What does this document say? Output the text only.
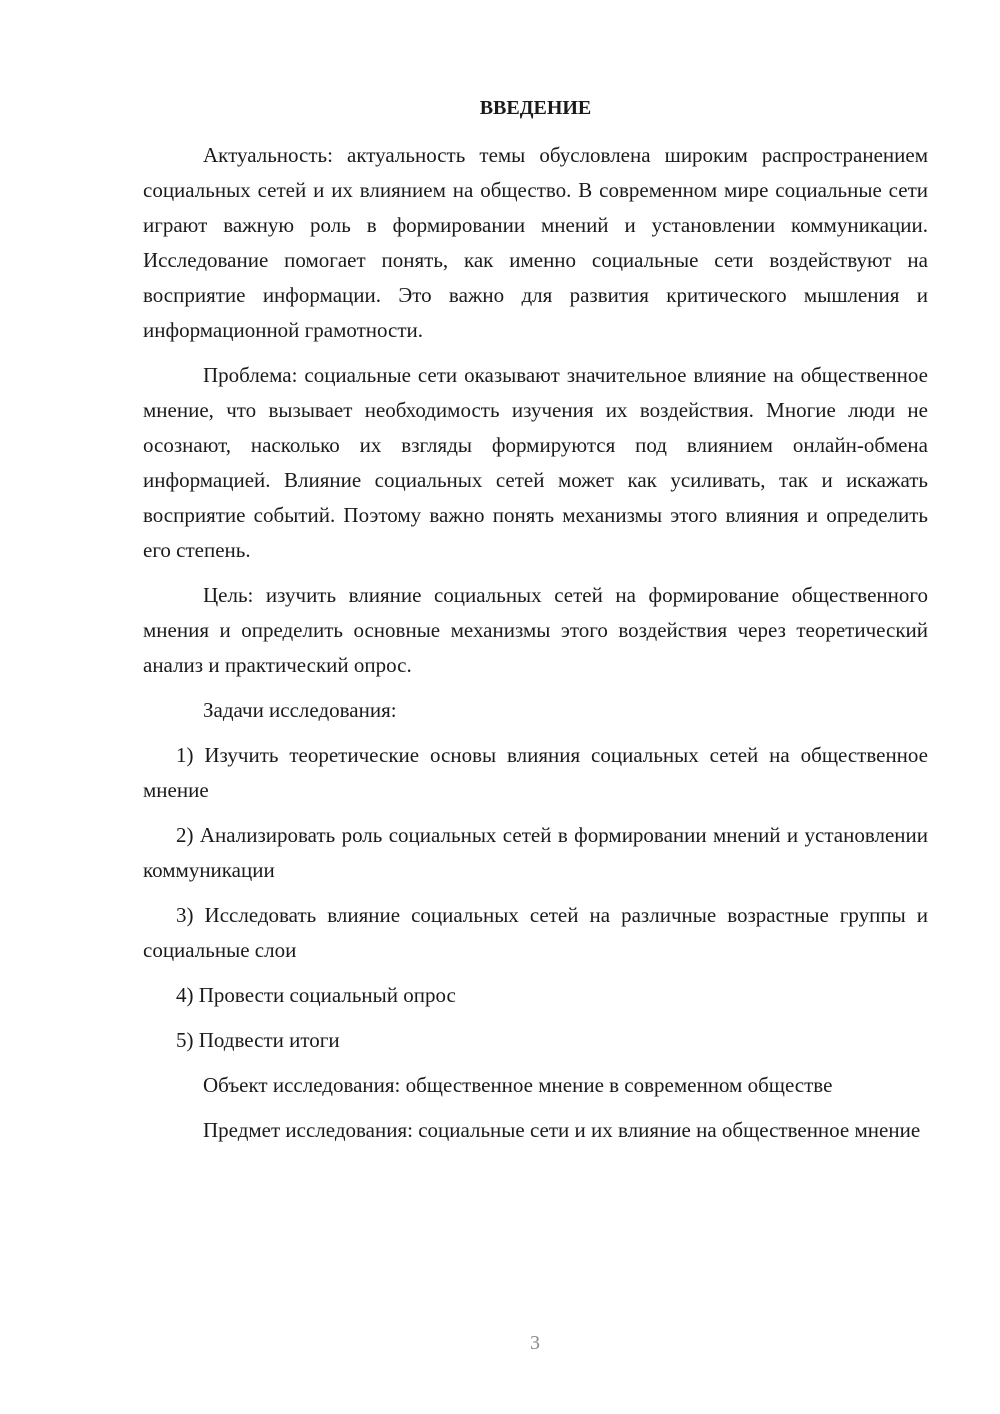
ВВЕДЕНИЕ

Актуальность: актуальность темы обусловлена широким распространением социальных сетей и их влиянием на общество. В современном мире социальные сети играют важную роль в формировании мнений и установлении коммуникации. Исследование помогает понять, как именно социальные сети воздействуют на восприятие информации. Это важно для развития критического мышления и информационной грамотности.

Проблема: социальные сети оказывают значительное влияние на общественное мнение, что вызывает необходимость изучения их воздействия. Многие люди не осознают, насколько их взгляды формируются под влиянием онлайн-обмена информацией. Влияние социальных сетей может как усиливать, так и искажать восприятие событий. Поэтому важно понять механизмы этого влияния и определить его степень.

Цель: изучить влияние социальных сетей на формирование общественного мнения и определить основные механизмы этого воздействия через теоретический анализ и практический опрос.

Задачи исследования:

1) Изучить теоретические основы влияния социальных сетей на общественное мнение

2) Анализировать роль социальных сетей в формировании мнений и установлении коммуникации

3) Исследовать влияние социальных сетей на различные возрастные группы и социальные слои

4) Провести социальный опрос

5) Подвести итоги

Объект исследования: общественное мнение в современном обществе

Предмет исследования: социальные сети и их влияние на общественное мнение

3
